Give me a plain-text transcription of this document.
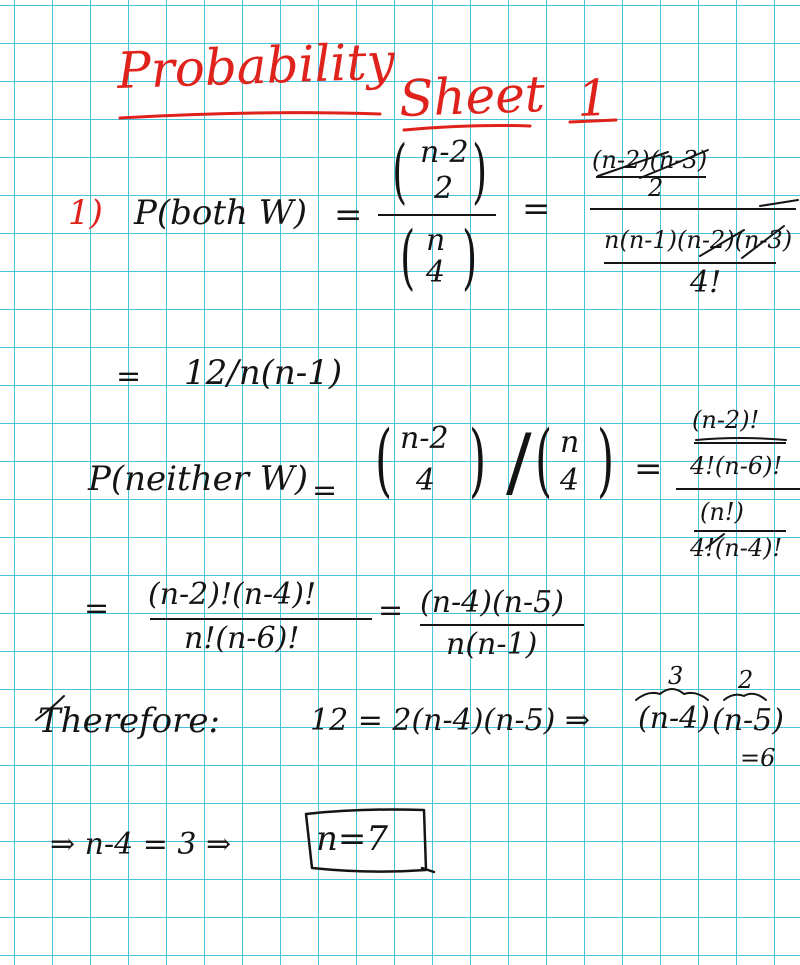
Probability Sheet 1
1) P(both W) =
( n-2
2 )
( n
4 )
=
(n-2)(n-3)
2
n(n-1)(n-2)(n-3)
4!
= 12/n(n-1)
P(neither W) = ( n-2
4 ) / ( n
4 ) =
(n-2)!
4!(n-6)!
(n!)
4!(n-4)!
= (n-2)!(n-4)!
n!(n-6)!
= (n-4)(n-5)
n(n-1)
Therefore:	12 = 2(n-4)(n-5) ⇒
3
(n-4)
2
(n-5)
=6
⇒ n-4 = 3 ⇒ n=7
